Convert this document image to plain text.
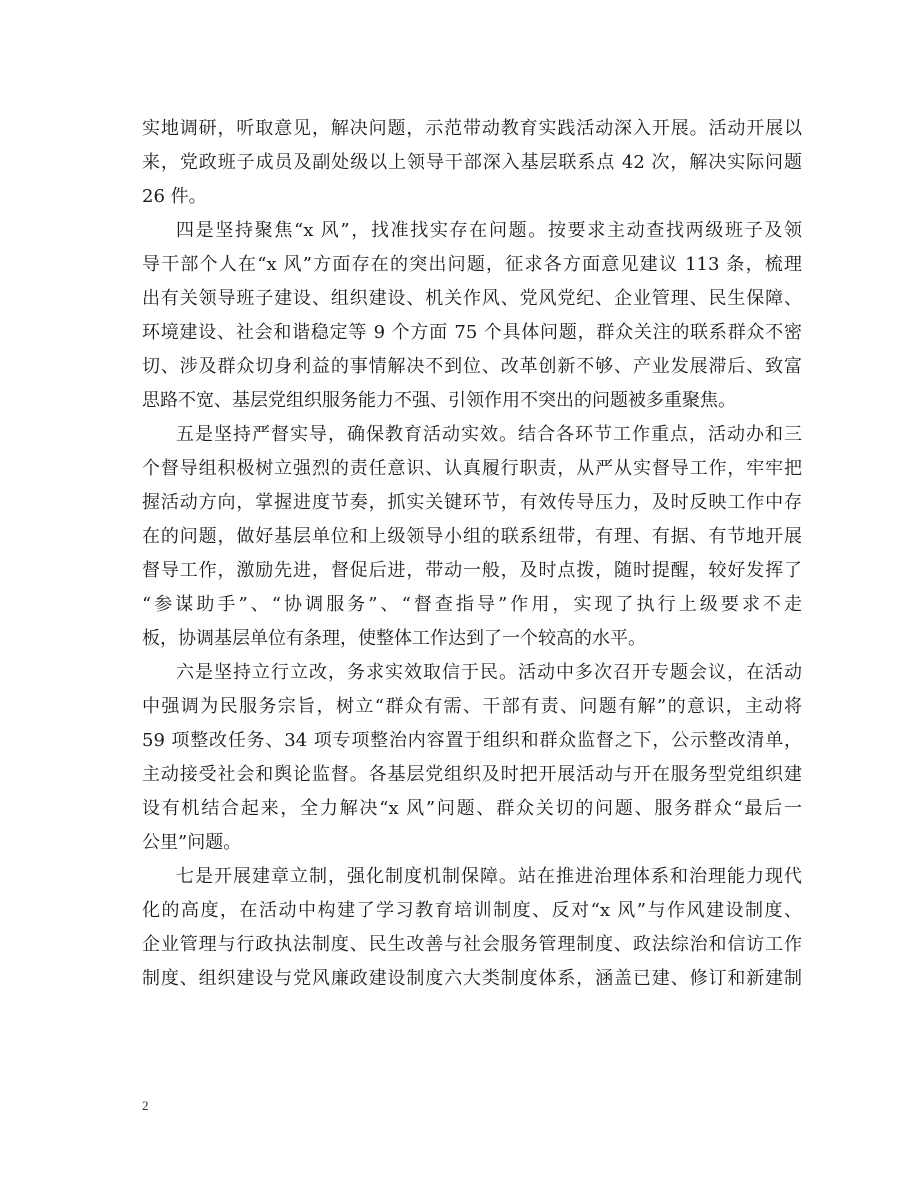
实地调研，听取意见，解决问题，示范带动教育实践活动深入开展。活动开展以
来，党政班子成员及副处级以上领导干部深入基层联系点 42 次，解决实际问题
26 件。
四是坚持聚焦“x 风”，找准找实存在问题。按要求主动查找两级班子及领
导干部个人在“x 风”方面存在的突出问题，征求各方面意见建议 113 条，梳理
出有关领导班子建设、组织建设、机关作风、党风党纪、企业管理、民生保障、
环境建设、社会和谐稳定等 9 个方面 75 个具体问题，群众关注的联系群众不密
切、涉及群众切身利益的事情解决不到位、改革创新不够、产业发展滞后、致富
思路不宽、基层党组织服务能力不强、引领作用不突出的问题被多重聚焦。
五是坚持严督实导，确保教育活动实效。结合各环节工作重点，活动办和三
个督导组积极树立强烈的责任意识、认真履行职责，从严从实督导工作，牢牢把
握活动方向，掌握进度节奏，抓实关键环节，有效传导压力，及时反映工作中存
在的问题，做好基层单位和上级领导小组的联系纽带，有理、有据、有节地开展
督导工作，激励先进，督促后进，带动一般，及时点拨，随时提醒，较好发挥了
“参谋助手”、“协调服务”、“督查指导”作用，实现了执行上级要求不走
板，协调基层单位有条理，使整体工作达到了一个较高的水平。
六是坚持立行立改，务求实效取信于民。活动中多次召开专题会议，在活动
中强调为民服务宗旨，树立“群众有需、干部有责、问题有解”的意识，主动将
59 项整改任务、34 项专项整治内容置于组织和群众监督之下，公示整改清单，
主动接受社会和舆论监督。各基层党组织及时把开展活动与开在服务型党组织建
设有机结合起来，全力解决“x 风”问题、群众关切的问题、服务群众“最后一
公里”问题。
七是开展建章立制，强化制度机制保障。站在推进治理体系和治理能力现代
化的高度，在活动中构建了学习教育培训制度、反对“x 风”与作风建设制度、
企业管理与行政执法制度、民生改善与社会服务管理制度、政法综治和信访工作
制度、组织建设与党风廉政建设制度六大类制度体系，涵盖已建、修订和新建制
2
